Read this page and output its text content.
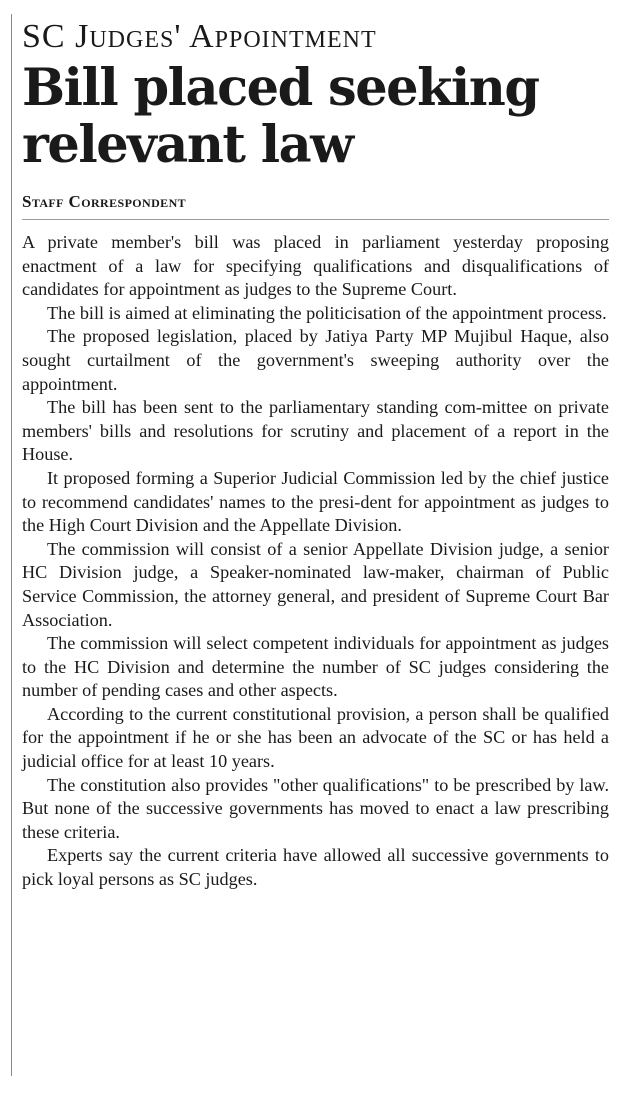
SC Judges' Appointment
Bill placed seeking relevant law
Staff Correspondent

A private member's bill was placed in parliament yesterday proposing enactment of a law for specifying qualifications and disqualifications of candidates for appointment as judges to the Supreme Court.

The bill is aimed at eliminating the politicisation of the appointment process.

The proposed legislation, placed by Jatiya Party MP Mujibul Haque, also sought curtailment of the government's sweeping authority over the appointment.

The bill has been sent to the parliamentary standing com-mittee on private members' bills and resolutions for scrutiny and placement of a report in the House.

It proposed forming a Superior Judicial Commission led by the chief justice to recommend candidates' names to the presi-dent for appointment as judges to the High Court Division and the Appellate Division.

The commission will consist of a senior Appellate Division judge, a senior HC Division judge, a Speaker-nominated law-maker, chairman of Public Service Commission, the attorney general, and president of Supreme Court Bar Association.

The commission will select competent individuals for appointment as judges to the HC Division and determine the number of SC judges considering the number of pending cases and other aspects.

According to the current constitutional provision, a person shall be qualified for the appointment if he or she has been an advocate of the SC or has held a judicial office for at least 10 years.

The constitution also provides "other qualifications" to be prescribed by law. But none of the successive governments has moved to enact a law prescribing these criteria.

Experts say the current criteria have allowed all successive governments to pick loyal persons as SC judges.
